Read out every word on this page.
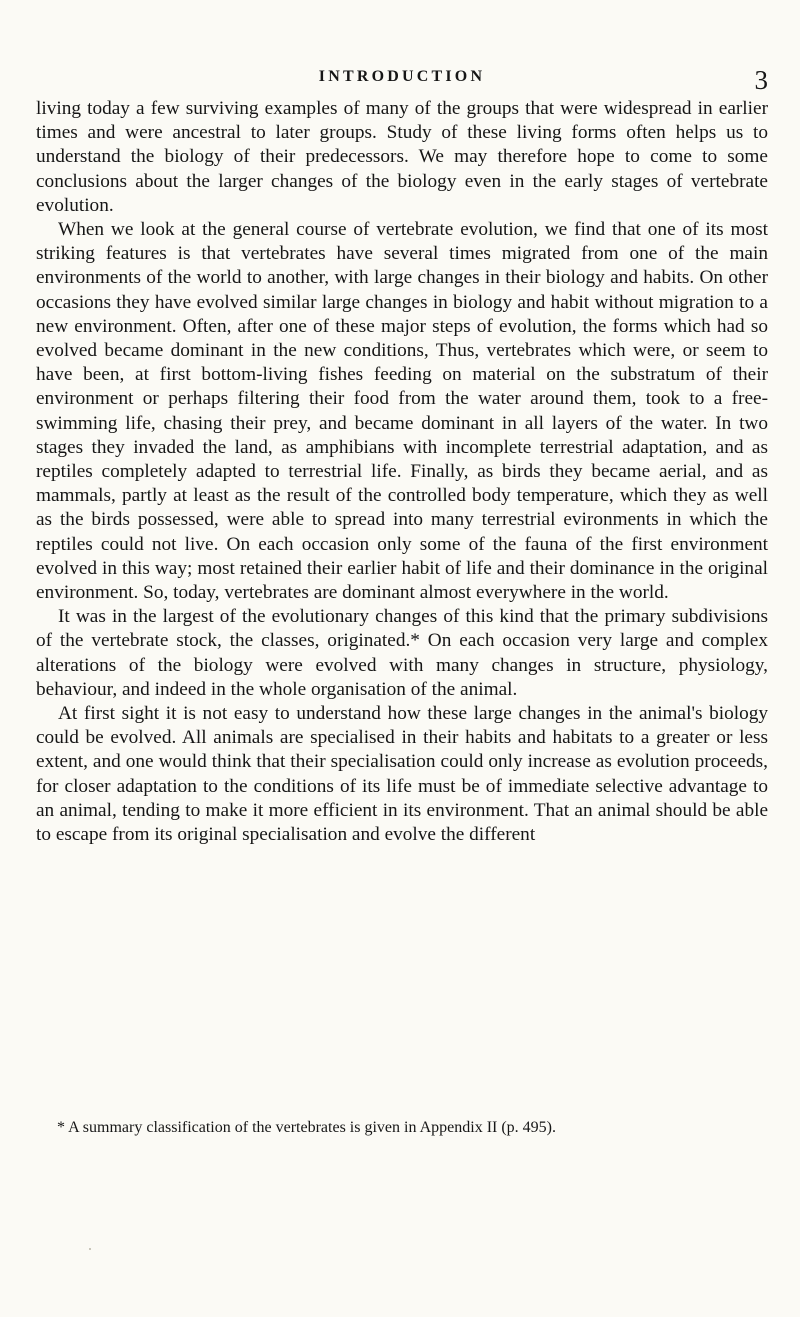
INTRODUCTION	3

living today a few surviving examples of many of the groups that were widespread in earlier times and were ancestral to later groups. Study of these living forms often helps us to understand the biology of their predecessors. We may therefore hope to come to some conclusions about the larger changes of the biology even in the early stages of vertebrate evolution.

When we look at the general course of vertebrate evolution, we find that one of its most striking features is that vertebrates have several times migrated from one of the main environments of the world to another, with large changes in their biology and habits. On other occasions they have evolved similar large changes in biology and habit without migration to a new environment. Often, after one of these major steps of evolution, the forms which had so evolved became dominant in the new conditions, Thus, vertebrates which were, or seem to have been, at first bottom-living fishes feeding on material on the substratum of their environment or perhaps filtering their food from the water around them, took to a free-swimming life, chasing their prey, and became dominant in all layers of the water. In two stages they invaded the land, as amphibians with incomplete terrestrial adaptation, and as reptiles completely adapted to terrestrial life. Finally, as birds they became aerial, and as mammals, partly at least as the result of the controlled body temperature, which they as well as the birds possessed, were able to spread into many terrestrial evironments in which the reptiles could not live. On each occasion only some of the fauna of the first environment evolved in this way; most retained their earlier habit of life and their dominance in the original environment. So, today, vertebrates are dominant almost everywhere in the world.

It was in the largest of the evolutionary changes of this kind that the primary subdivisions of the vertebrate stock, the classes, originated.* On each occasion very large and complex alterations of the biology were evolved with many changes in structure, physiology, behaviour, and indeed in the whole organisation of the animal.

At first sight it is not easy to understand how these large changes in the animal's biology could be evolved. All animals are specialised in their habits and habitats to a greater or less extent, and one would think that their specialisation could only increase as evolution proceeds, for closer adaptation to the conditions of its life must be of immediate selective advantage to an animal, tending to make it more efficient in its environment. That an animal should be able to escape from its original specialisation and evolve the different

* A summary classification of the vertebrates is given in Appendix II (p. 495).
